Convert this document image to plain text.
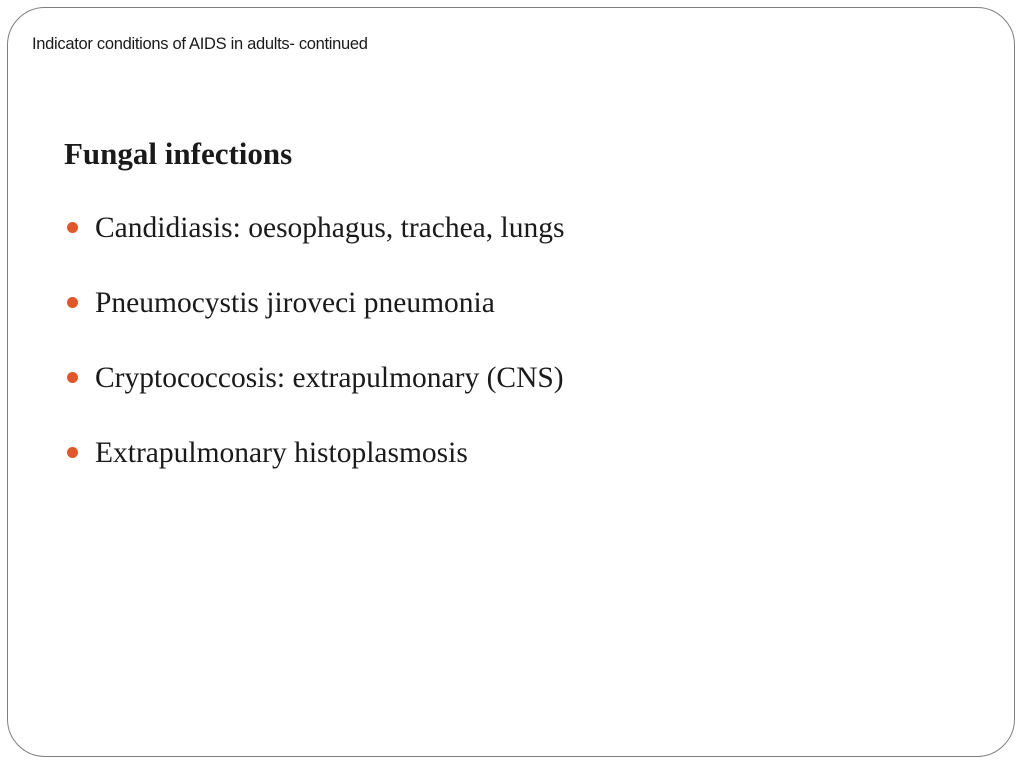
Indicator conditions of AIDS in adults- continued
Fungal infections
Candidiasis: oesophagus, trachea, lungs
Pneumocystis jiroveci pneumonia
Cryptococcosis: extrapulmonary (CNS)
Extrapulmonary histoplasmosis
